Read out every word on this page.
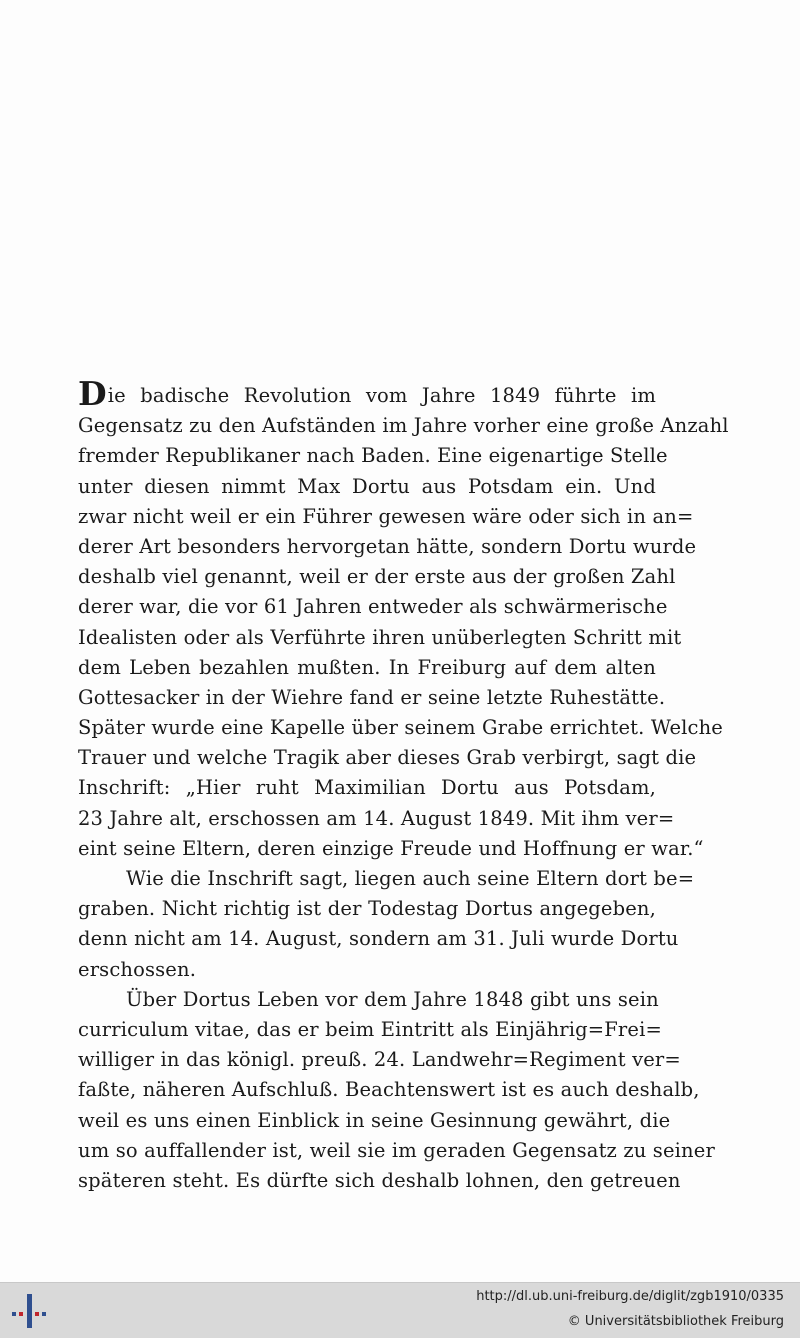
Die badische Revolution vom Jahre 1849 führte im
Gegensatz zu den Aufständen im Jahre vorher eine große Anzahl
fremder Republikaner nach Baden. Eine eigenartige Stelle
unter diesen nimmt Max Dortu aus Potsdam ein. Und
zwar nicht weil er ein Führer gewesen wäre oder sich in an=
derer Art besonders hervorgetan hätte, sondern Dortu wurde
deshalb viel genannt, weil er der erste aus der großen Zahl
derer war, die vor 61 Jahren entweder als schwärmerische
Idealisten oder als Verführte ihren unüberlegten Schritt mit
dem Leben bezahlen mußten. In Freiburg auf dem alten
Gottesacker in der Wiehre fand er seine letzte Ruhestätte.
Später wurde eine Kapelle über seinem Grabe errichtet. Welche
Trauer und welche Tragik aber dieses Grab verbirgt, sagt die
Inschrift: „Hier ruht Maximilian Dortu aus Potsdam,
23 Jahre alt, erschossen am 14. August 1849. Mit ihm ver=
eint seine Eltern, deren einzige Freude und Hoffnung er war.“
Wie die Inschrift sagt, liegen auch seine Eltern dort be=
graben. Nicht richtig ist der Todestag Dortus angegeben,
denn nicht am 14. August, sondern am 31. Juli wurde Dortu
erschossen.
Über Dortus Leben vor dem Jahre 1848 gibt uns sein
curriculum vitae, das er beim Eintritt als Einjährig=Frei=
williger in das königl. preuß. 24. Landwehr=Regiment ver=
faßte, näheren Aufschluß. Beachtenswert ist es auch deshalb,
weil es uns einen Einblick in seine Gesinnung gewährt, die
um so auffallender ist, weil sie im geraden Gegensatz zu seiner
späteren steht. Es dürfte sich deshalb lohnen, den getreuen
http://dl.ub.uni-freiburg.de/diglit/zgb1910/0335
© Universitätsbibliothek Freiburg
